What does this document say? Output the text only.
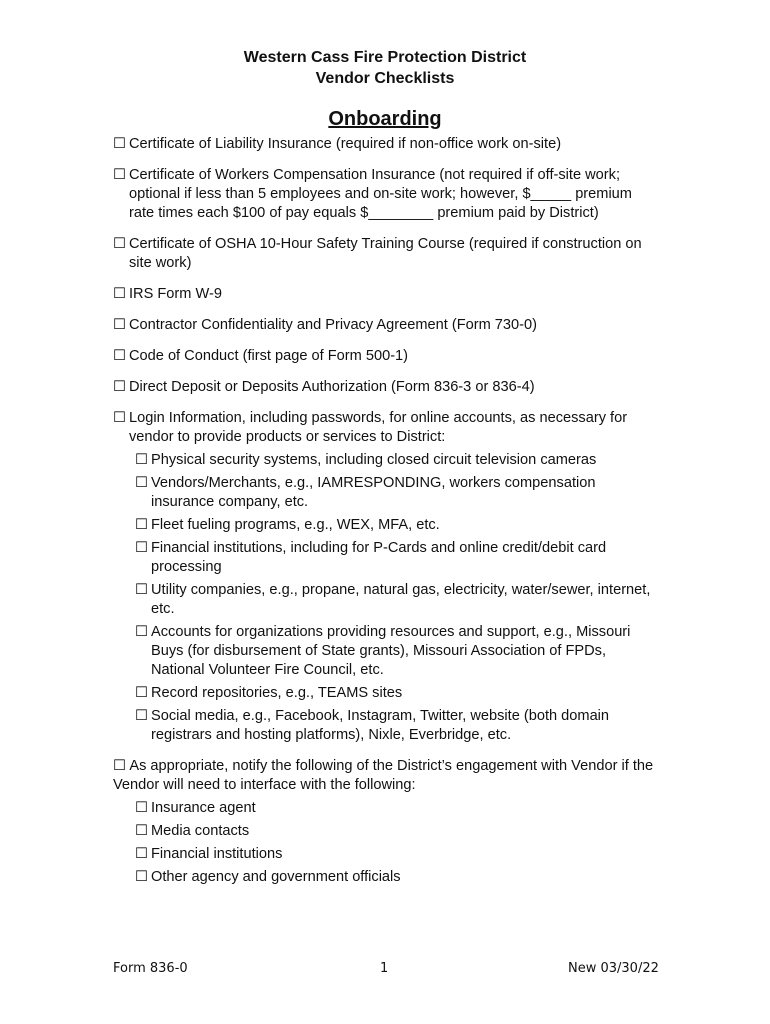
Western Cass Fire Protection District
Vendor Checklists
Onboarding
☐ Certificate of Liability Insurance (required if non-office work on-site)
☐ Certificate of Workers Compensation Insurance (not required if off-site work; optional if less than 5 employees and on-site work; however, $_____ premium rate times each $100 of pay equals $________ premium paid by District)
☐ Certificate of OSHA 10-Hour Safety Training Course (required if construction on site work)
☐ IRS Form W-9
☐ Contractor Confidentiality and Privacy Agreement (Form 730-0)
☐ Code of Conduct (first page of Form 500-1)
☐ Direct Deposit or Deposits Authorization (Form 836-3 or 836-4)
☐ Login Information, including passwords, for online accounts, as necessary for vendor to provide products or services to District:
☐ Physical security systems, including closed circuit television cameras
☐ Vendors/Merchants, e.g., IAMRESPONDING, workers compensation insurance company, etc.
☐ Fleet fueling programs, e.g., WEX, MFA, etc.
☐ Financial institutions, including for P-Cards and online credit/debit card processing
☐ Utility companies, e.g., propane, natural gas, electricity, water/sewer, internet, etc.
☐ Accounts for organizations providing resources and support, e.g., Missouri Buys (for disbursement of State grants), Missouri Association of FPDs, National Volunteer Fire Council, etc.
☐ Record repositories, e.g., TEAMS sites
☐ Social media, e.g., Facebook, Instagram, Twitter, website (both domain registrars and hosting platforms), Nixle, Everbridge, etc.
☐ As appropriate, notify the following of the District’s engagement with Vendor if the Vendor will need to interface with the following:
☐ Insurance agent
☐ Media contacts
☐ Financial institutions
☐ Other agency and government officials
Form 836-0	1	New 03/30/22
